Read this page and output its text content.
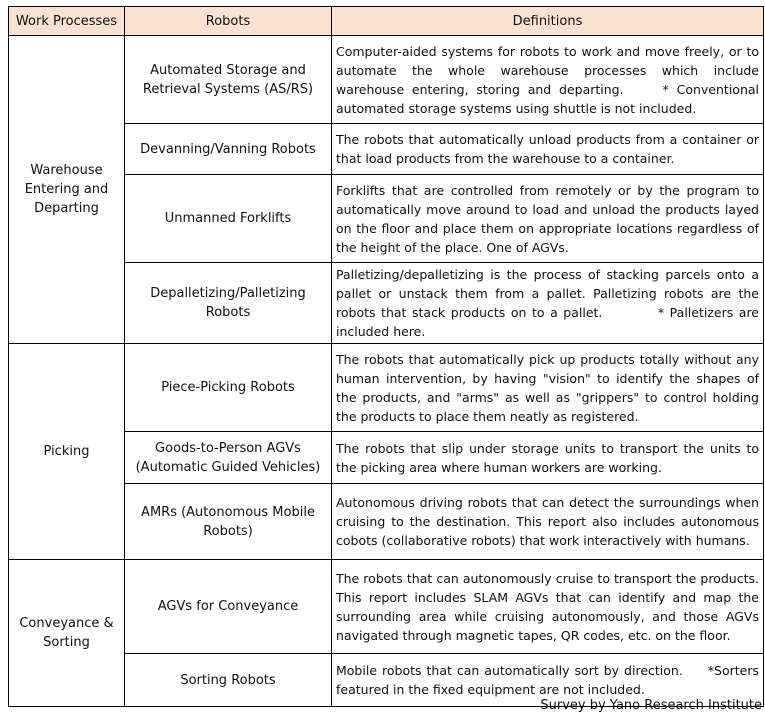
Work Processes	Robots	Definitions
Warehouse Entering and Departing	Automated Storage and Retrieval Systems (AS/RS)	Computer-aided systems for robots to work and move freely, or to automate the whole warehouse processes which include warehouse entering, storing and departing.     * Conventional automated storage systems using shuttle is not included.
	Devanning/Vanning Robots	The robots that automatically unload products from a container or that load products from the warehouse to a container.
	Unmanned Forklifts	Forklifts that are controlled from remotely or by the program to automatically move around to load and unload the products layed on the floor and place them on appropriate locations regardless of the height of the place. One of AGVs.
	Depalletizing/Palletizing Robots	Palletizing/depalletizing is the process of stacking parcels onto a pallet or unstack them from a pallet. Palletizing robots are the robots that stack products on to a pallet.          * Palletizers are included here.
Picking	Piece-Picking Robots	The robots that automatically pick up products totally without any human intervention, by having "vision" to identify the shapes of the products, and "arms" as well as "grippers" to control holding the products to place them neatly as registered.
	Goods-to-Person AGVs (Automatic Guided Vehicles)	The robots that slip under storage units to transport the units to the picking area where human workers are working.
	AMRs (Autonomous Mobile Robots)	Autonomous driving robots that can detect the surroundings when cruising to the destination. This report also includes autonomous cobots (collaborative robots) that work interactively with humans.
Conveyance & Sorting	AGVs for Conveyance	The robots that can autonomously cruise to transport the products. This report includes SLAM AGVs that can identify and map the surrounding area while cruising autonomously, and those AGVs navigated through magnetic tapes, QR codes, etc. on the floor.
	Sorting Robots	Mobile robots that can automatically sort by direction.     *Sorters featured in the fixed equipment are not included.
Survey by Yano Research Institute
